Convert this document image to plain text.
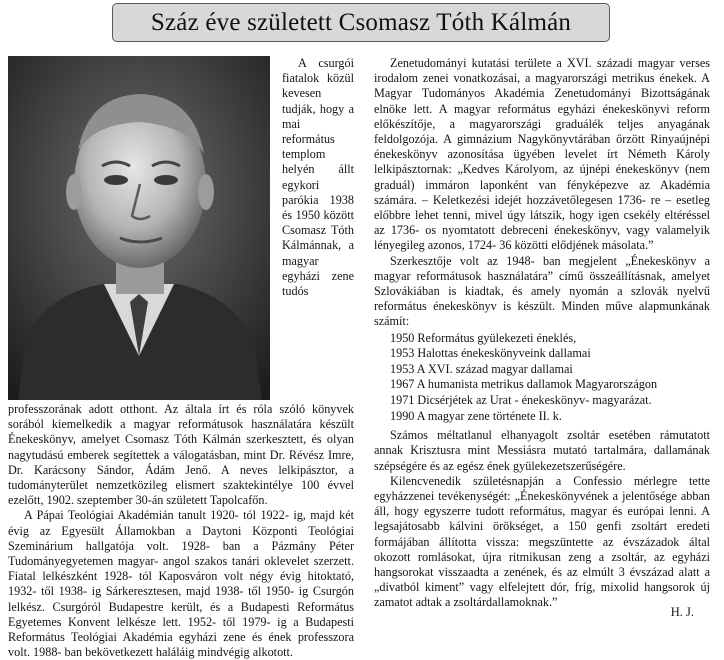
Száz éve született Csomasz Tóth Kálmán

A csurgói fiatalok közül kevesen tudják, hogy a mai református templom helyén állt egykori parókia 1938 és 1950 között Csomasz Tóth Kálmánnak, a magyar egyházi zene tudós professzorának adott otthont. Az általa írt és róla szóló könyvek sorából kiemelkedik a magyar reformátusok használatára készült Énekeskönyv, amelyet Csomasz Tóth Kálmán szerkesztett, és olyan nagytudású emberek segítettek a válogatásban, mint Dr. Révész Imre, Dr. Karácsony Sándor, Ádám Jenő. A neves lelkipásztor, a tudományterület nemzetközileg elismert szaktekintélye 100 évvel ezelőtt, 1902. szeptember 30-án született Tapolcafőn.

A Pápai Teológiai Akadémián tanult 1920- tól 1922- ig, majd két évig az Egyesült Államokban a Daytoni Központi Teológiai Szeminárium hallgatója volt. 1928- ban a Pázmány Péter Tudományegyetemen magyar- angol szakos tanári oklevelet szerzett. Fiatal lelkészként 1928- tól Kaposváron volt négy évig hitoktató, 1932- től 1938- ig Sárkeresztesen, majd 1938- től 1950- ig Csurgón lelkész. Csurgóról Budapestre került, és a Budapesti Református Egyetemes Konvent lelkésze lett. 1952- től 1979- ig a Budapesti Református Teológiai Akadémia egyházi zene és ének professzora volt. 1988- ban bekövetkezett haláláig mindvégig alkotott.

Zenetudományi kutatási területe a XVI. századi magyar verses irodalom zenei vonatkozásai, a magyarországi metrikus énekek. A Magyar Tudományos Akadémia Zenetudományi Bizottságának elnöke lett. A magyar református egyházi énekeskönyvi reform előkészítője, a magyarországi graduálék teljes anyagának feldolgozója. A gimnázium Nagykönyvtárában őrzött Rinyaújnépi énekeskönyv azonosítása ügyében levelet írt Németh Károly lelkipásztornak: „Kedves Károlyom, az újnépi énekeskönyv (nem graduál) immáron laponként van fényképezve az Akadémia számára. – Keletkezési idejét hozzávetőlegesen 1736- re – esetleg előbbre lehet tenni, mivel úgy látszik, hogy igen csekély eltéréssel az 1736- os nyomtatott debreceni énekeskönyv, vagy valamelyik lényegileg azonos, 1724- 36 közötti elődjének másolata.”

Szerkesztője volt az 1948- ban megjelent „Énekeskönyv a magyar reformátusok használatára” című összeállításnak, amelyet Szlovákiában is kiadtak, és amely nyomán a szlovák nyelvű református énekeskönyv is készült. Minden műve alapmunkának számít:

1950 Református gyülekezeti éneklés,
1953 Halottas énekeskönyveink dallamai
1953 A XVI. század magyar dallamai
1967 A humanista metrikus dallamok Magyarországon
1971 Dicsérjétek az Urat - énekeskönyv- magyarázat.
1990 A magyar zene története II. k.

Számos méltatlanul elhanyagolt zsoltár esetében rámutatott annak Krisztusra mint Messiásra mutató tartalmára, dallamának szépségére és az egész ének gyülekezetszerűségére.

Kilencvenedik születésnapján a Confessio mérlegre tette egyházzenei tevékenységét: „Énekeskönyvének a jelentősége abban áll, hogy egyszerre tudott református, magyar és európai lenni. A legsajátosabb kálvini örökséget, a 150 genfi zsoltárt eredeti formájában állította vissza: megszüntette az évszázadok által okozott romlásokat, újra ritmikusan zeng a zsoltár, az egyházi hangsorokat visszaadta a zenének, és az elmúlt 3 évszázad alatt a „divatból kiment” vagy elfelejtett dór, fríg, mixolid hangsorok új zamatot adtak a zsoltárdallamoknak.”

H. J.
